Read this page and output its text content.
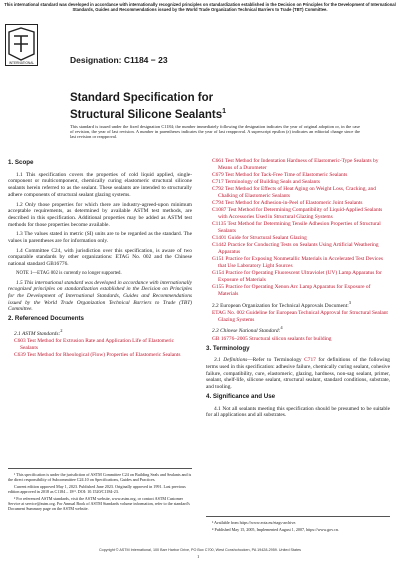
This international standard was developed in accordance with internationally recognized principles on standardization established in the Decision on Principles for the Development of International Standards, Guides and Recommendations issued by the World Trade Organization Technical Barriers to Trade (TBT) Committee.
INTERNATIONAL	Designation: C1184 − 23
Standard Specification for
Structural Silicone Sealants$^1$
This standard is issued under the fixed designation C1184; the number immediately following the designation indicates the year of original adoption or, in the case of revision, the year of last revision. A number in parentheses indicates the year of last reapproval. A superscript epsilon (ε) indicates an editorial change since the last revision or reapproval.
1. Scope

1.1 This specification covers the properties of cold liquid applied, single-component or multicomponent, chemically curing elastomeric structural silicone sealants herein referred to as the sealant. These sealants are intended to structurally adhere components of structural sealant glazing systems.

1.2 Only those properties for which there are industry-agreed-upon minimum acceptable requirements, as determined by available ASTM test methods, are described in this specification. Additional properties may be added as ASTM test methods for those properties become available.

1.3 The values stated in metric (SI) units are to be regarded as the standard. The values in parentheses are for information only.

1.4 Committee C24, with jurisdiction over this specification, is aware of two comparable standards by other organizations: ETAG No. 002 and the Chinese national standard GB16776.

NOTE 1—ETAG 002 is currently no longer supported.

1.5 This international standard was developed in accordance with internationally recognized principles on standardization established in the Decision on Principles for the Development of International Standards, Guides and Recommendations issued by the World Trade Organization Technical Barriers to Trade (TBT) Committee.

2. Referenced Documents
2.1 ASTM Standards:$^2$
C603 Test Method for Extrusion Rate and Application Life of Elastomeric Sealants
C639 Test Method for Rheological (Flow) Properties of Elastomeric Sealants

¹ This specification is under the jurisdiction of ASTM Committee C24 on Building Seals and Sealants and is the direct responsibility of Subcommittee C24.10 on Specifications, Guides and Practices.

Current edition approved May 1, 2023. Published June 2023. Originally approved in 1991. Last previous edition approved in 2018 as C1184 – 18ᵉ¹. DOI: 10.1520/C1184-23.

² For referenced ASTM standards, visit the ASTM website, www.astm.org, or contact ASTM Customer Service at service@astm.org. For Annual Book of ASTM Standards volume information, refer to the standard's Document Summary page on the ASTM website.

C661 Test Method for Indentation Hardness of Elastomeric-Type Sealants by Means of a Durometer
C679 Test Method for Tack-Free Time of Elastomeric Sealants
C717 Terminology of Building Seals and Sealants
C792 Test Method for Effects of Heat Aging on Weight Loss, Cracking, and Chalking of Elastomeric Sealants
C794 Test Method for Adhesion-in-Peel of Elastomeric Joint Sealants
C1087 Test Method for Determining Compatibility of Liquid-Applied Sealants with Accessories Used in Structural Glazing Systems
C1135 Test Method for Determining Tensile Adhesion Properties of Structural Sealants
C1401 Guide for Structural Sealant Glazing
C1442 Practice for Conducting Tests on Sealants Using Artificial Weathering Apparatus
G151 Practice for Exposing Nonmetallic Materials in Accelerated Test Devices that Use Laboratory Light Sources
G154 Practice for Operating Fluorescent Ultraviolet (UV) Lamp Apparatus for Exposure of Materials
G155 Practice for Operating Xenon Arc Lamp Apparatus for Exposure of Materials
2.2 European Organization for Technical Approvals Document:$^3$
ETAG No. 002 Guideline for European Technical Approval for Structural Sealant Glazing Systems
2.3 Chinese National Standard:$^4$
GB 16776–2005 Structural silicon sealants for building
3. Terminology

3.1 Definitions—Refer to Terminology C717 for definitions of the following terms used in this specification: adhesive failure, chemically curing sealant, cohesive failure, compatibility, cure, elastomeric, glazing, hardness, non-sag sealant, primer, sealant, shelf-life, silicone sealant, structural sealant, standard conditions, substrate, and tooling.

4. Significance and Use

4.1 Not all sealants meeting this specification should be presumed to be suitable for all applications and all substrates.

³ Available from https://www.eota.eu/etags-archive.

⁴ Published May 15, 2005, Implemented August 1, 2007, https://www.gov.cn.

Copyright © ASTM International, 100 Barr Harbor Drive, PO Box C700, West Conshohocken, PA 19428-2959. United States
1
